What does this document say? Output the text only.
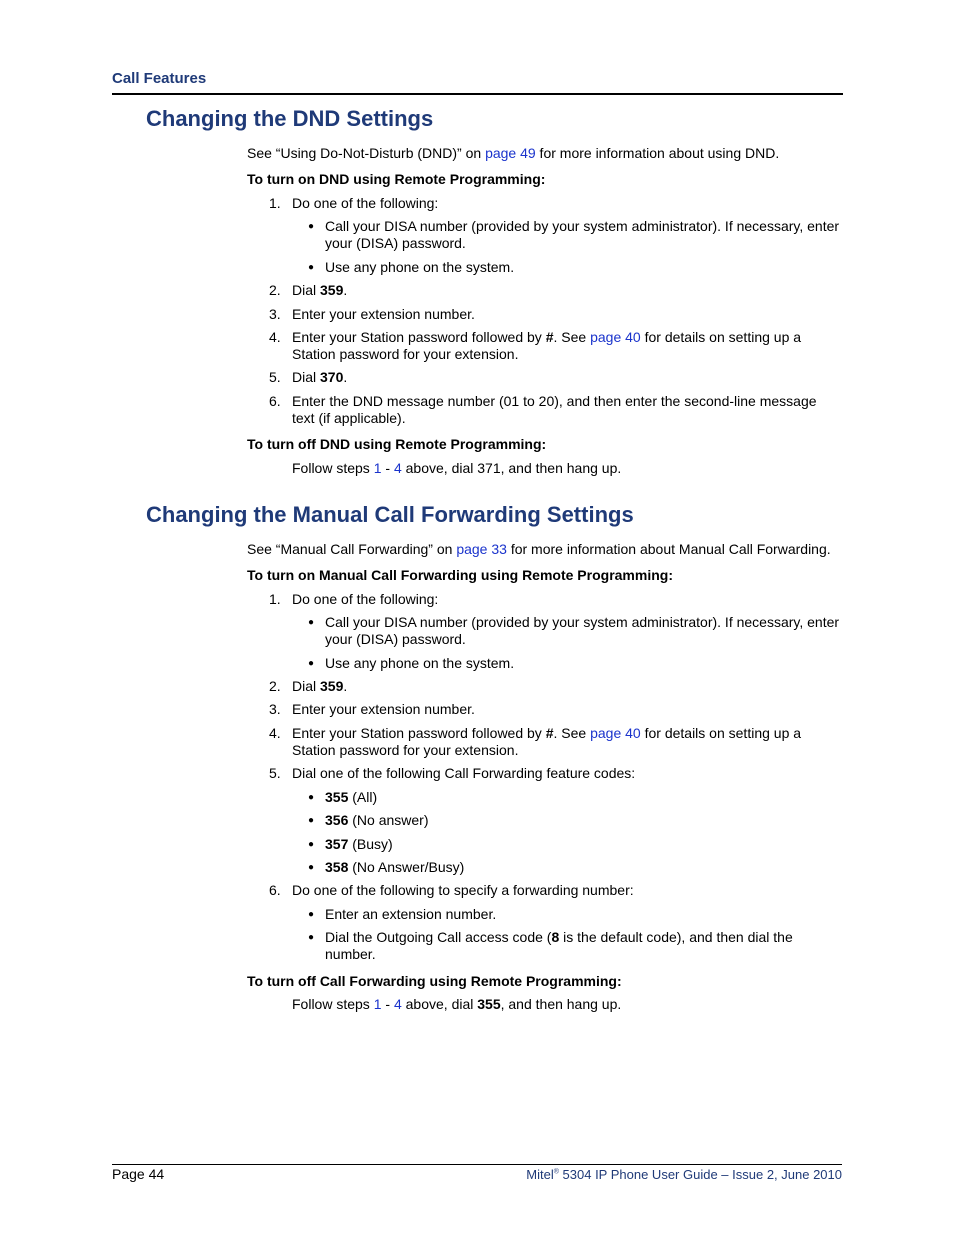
Call Features
Changing the DND Settings
See “Using Do-Not-Disturb (DND)” on page 49 for more information about using DND.
To turn on DND using Remote Programming:
1. Do one of the following:
● Call your DISA number (provided by your system administrator). If necessary, enter
your (DISA) password.
● Use any phone on the system.
2. Dial 359.
3. Enter your extension number.
4. Enter your Station password followed by #. See page 40 for details on setting up a
Station password for your extension.
5. Dial 370.
6. Enter the DND message number (01 to 20), and then enter the second-line message
text (if applicable).
To turn off DND using Remote Programming:
Follow steps 1 - 4 above, dial 371, and then hang up.
Changing the Manual Call Forwarding Settings
See “Manual Call Forwarding” on page 33 for more information about Manual Call Forwarding.
To turn on Manual Call Forwarding using Remote Programming:
1. Do one of the following:
● Call your DISA number (provided by your system administrator). If necessary, enter
your (DISA) password.
● Use any phone on the system.
2. Dial 359.
3. Enter your extension number.
4. Enter your Station password followed by #. See page 40 for details on setting up a
Station password for your extension.
5. Dial one of the following Call Forwarding feature codes:
● 355 (All)
● 356 (No answer)
● 357 (Busy)
● 358 (No Answer/Busy)
6. Do one of the following to specify a forwarding number:
● Enter an extension number.
● Dial the Outgoing Call access code (8 is the default code), and then dial the
number.
To turn off Call Forwarding using Remote Programming:
Follow steps 1 - 4 above, dial 355, and then hang up.
Page 44	Mitel® 5304 IP Phone User Guide – Issue 2, June 2010
